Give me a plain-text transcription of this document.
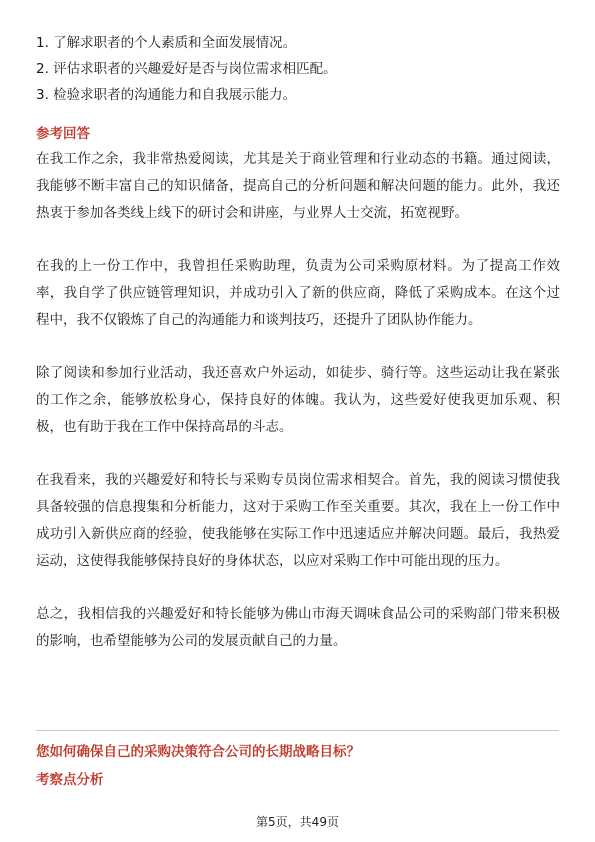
1. 了解求职者的个人素质和全面发展情况。
2. 评估求职者的兴趣爱好是否与岗位需求相匹配。
3. 检验求职者的沟通能力和自我展示能力。
参考回答

在我工作之余，我非常热爱阅读，尤其是关于商业管理和行业动态的书籍。通过阅读，我能够不断丰富自己的知识储备，提高自己的分析问题和解决问题的能力。此外，我还热衷于参加各类线上线下的研讨会和讲座，与业界人士交流，拓宽视野。

在我的上一份工作中，我曾担任采购助理，负责为公司采购原材料。为了提高工作效率，我自学了供应链管理知识，并成功引入了新的供应商，降低了采购成本。在这个过程中，我不仅锻炼了自己的沟通能力和谈判技巧，还提升了团队协作能力。

除了阅读和参加行业活动，我还喜欢户外运动，如徒步、骑行等。这些运动让我在紧张的工作之余，能够放松身心，保持良好的体魄。我认为，这些爱好使我更加乐观、积极，也有助于我在工作中保持高昂的斗志。

在我看来，我的兴趣爱好和特长与采购专员岗位需求相契合。首先，我的阅读习惯使我具备较强的信息搜集和分析能力，这对于采购工作至关重要。其次，我在上一份工作中成功引入新供应商的经验，使我能够在实际工作中迅速适应并解决问题。最后，我热爱运动，这使得我能够保持良好的身体状态，以应对采购工作中可能出现的压力。

总之，我相信我的兴趣爱好和特长能够为佛山市海天调味食品公司的采购部门带来积极的影响，也希望能够为公司的发展贡献自己的力量。

您如何确保自己的采购决策符合公司的长期战略目标？
考察点分析
第5页，共49页
